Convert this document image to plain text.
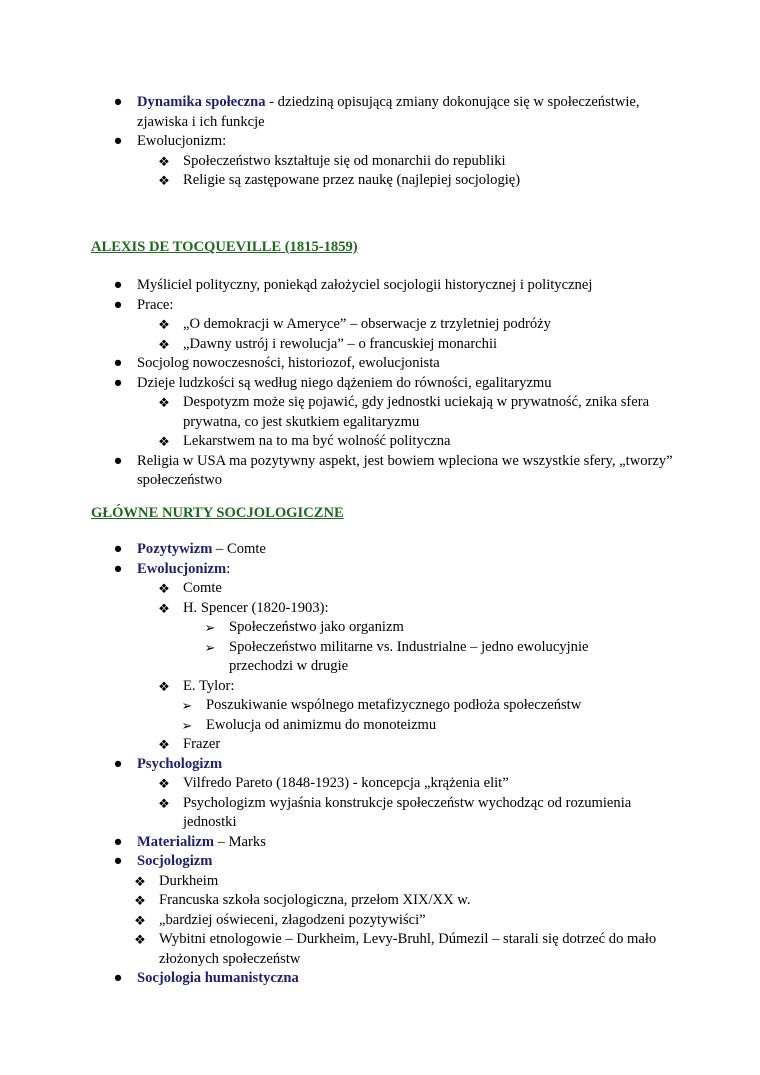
● Dynamika społeczna - dziedziną opisującą zmiany dokonujące się w społeczeństwie, zjawiska i ich funkcje
● Ewolucjonizm:
❖ Społeczeństwo kształtuje się od monarchii do republiki
❖ Religie są zastępowane przez naukę (najlepiej socjologię)
ALEXIS DE TOCQUEVILLE (1815-1859)
● Myśliciel polityczny, poniekąd założyciel socjologii historycznej i politycznej
● Prace:
❖ „O demokracji w Ameryce” – obserwacje z trzyletniej podróży
❖ „Dawny ustrój i rewolucja” – o francuskiej monarchii
● Socjolog nowoczesności, historiozof, ewolucjonista
● Dzieje ludzkości są według niego dążeniem do równości, egalitaryzmu
❖ Despotyzm może się pojawić, gdy jednostki uciekają w prywatność, znika sfera prywatna, co jest skutkiem egalitaryzmu
❖ Lekarstwem na to ma być wolność polityczna
● Religia w USA ma pozytywny aspekt, jest bowiem wpleciona we wszystkie sfery, „tworzy” społeczeństwo
GŁÓWNE NURTY SOCJOLOGICZNE
● Pozytywizm – Comte
● Ewolucjonizm:
❖ Comte
❖ H. Spencer (1820-1903):
➢ Społeczeństwo jako organizm
➢ Społeczeństwo militarne vs. Industrialne – jedno ewolucyjnie przechodzi w drugie
❖ E. Tylor:
➢ Poszukiwanie wspólnego metafizycznego podłoża społeczeństw
➢ Ewolucja od animizmu do monoteizmu
❖ Frazer
● Psychologizm
❖ Vilfredo Pareto (1848-1923) - koncepcja „krążenia elit”
❖ Psychologizm wyjaśnia konstrukcje społeczeństw wychodząc od rozumienia jednostki
● Materializm – Marks
● Socjologizm
❖ Durkheim
❖ Francuska szkoła socjologiczna, przełom XIX/XX w.
❖ „bardziej oświeceni, złagodzeni pozytywiści”
❖ Wybitni etnologowie – Durkheim, Levy-Bruhl, Dúmezil – starali się dotrzeć do mało złożonych społeczeństw
● Socjologia humanistyczna
